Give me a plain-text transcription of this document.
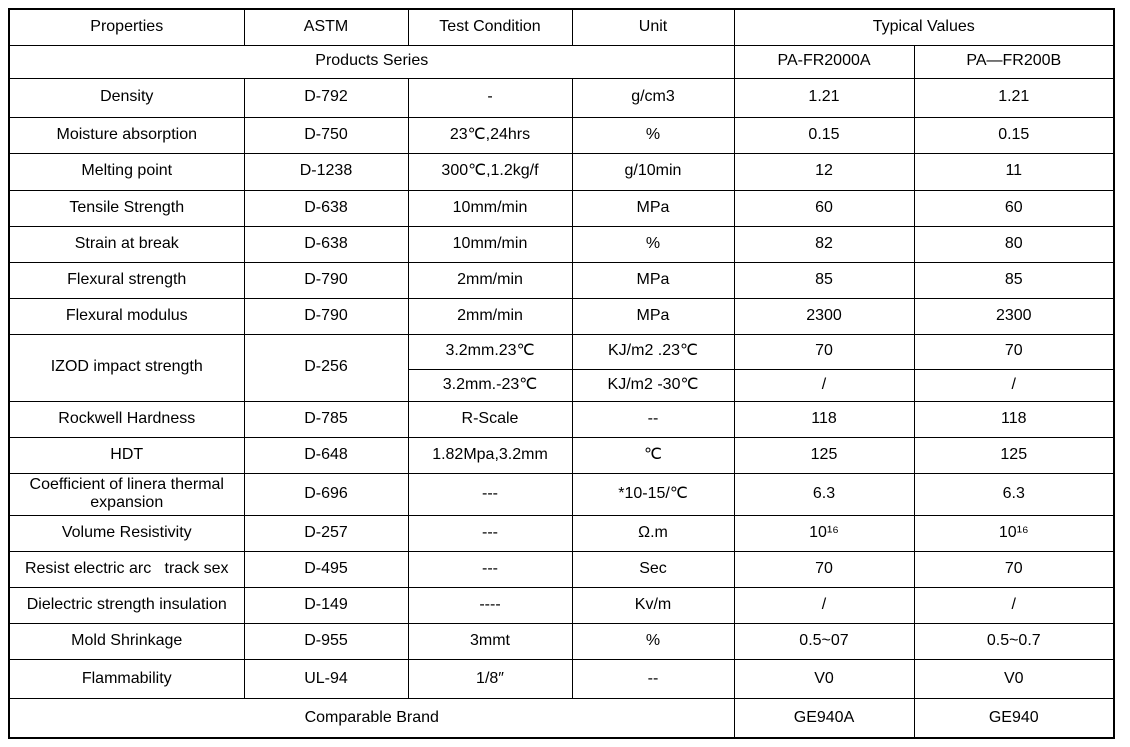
Properties	ASTM	Test Condition	Unit	Typical Values	
Products Series				PA-FR2000A	PA—FR200B
Density	D-792	-	g/cm3	1.21	1.21
Moisture absorption	D-750	23℃,24hrs	%	0.15	0.15
Melting point	D-1238	300℃,1.2kg/f	g/10min	12	11
Tensile Strength	D-638	10mm/min	MPa	60	60
Strain at break	D-638	10mm/min	%	82	80
Flexural strength	D-790	2mm/min	MPa	85	85
Flexural modulus	D-790	2mm/min	MPa	2300	2300
IZOD impact strength	D-256	3.2mm.23℃	KJ/m2 .23℃	70	70
		3.2mm.-23℃	KJ/m2 -30℃	/	/
Rockwell Hardness	D-785	R-Scale	--	118	118
HDT	D-648	1.82Mpa,3.2mm	℃	125	125
Coefficient of linera thermal expansion	D-696	---	*10-15/℃	6.3	6.3
Volume Resistivity	D-257	---	Ω.m	10¹⁶	10¹⁶
Resist electric arc   track sex	D-495	---	Sec	70	70
Dielectric strength insulation	D-149	----	Kv/m	/	/
Mold Shrinkage	D-955	3mmt	%	0.5~07	0.5~0.7
Flammability	UL-94	1/8″	--	V0	V0
Comparable Brand				GE940A	GE940
